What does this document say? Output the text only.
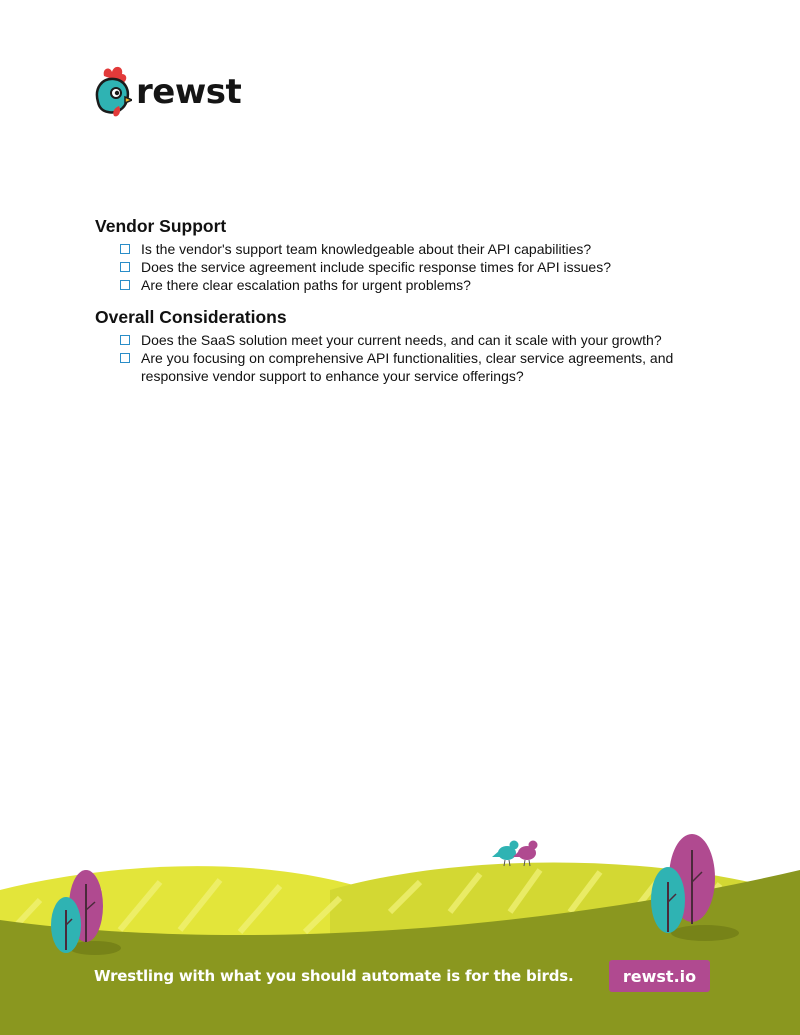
rewst
Vendor Support
Is the vendor's support team knowledgeable about their API capabilities?
Does the service agreement include specific response times for API issues?
Are there clear escalation paths for urgent problems?
Overall Considerations
Does the SaaS solution meet your current needs, and can it scale with your growth?
Are you focusing on comprehensive API functionalities, clear service agreements, and responsive vendor support to enhance your service offerings?
Wrestling with what you should automate is for the birds.	rewst.io
